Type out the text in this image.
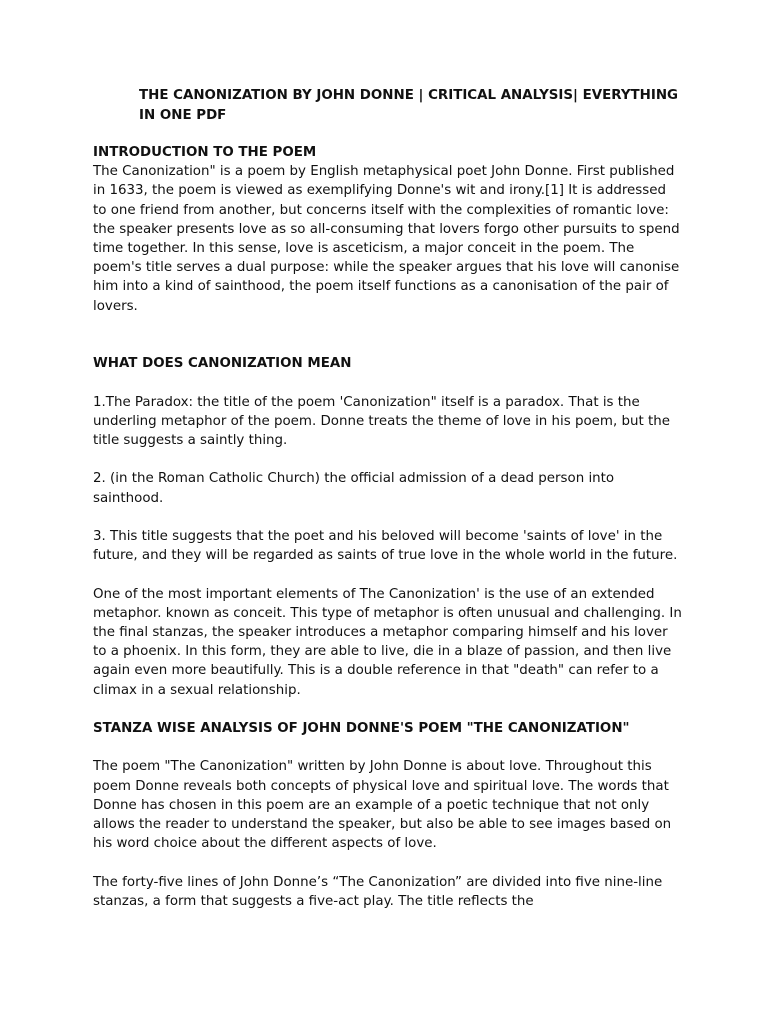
THE CANONIZATION BY JOHN DONNE | CRITICAL ANALYSIS| EVERYTHING IN ONE PDF
INTRODUCTION TO THE POEM

The Canonization" is a poem by English metaphysical poet John Donne. First published in 1633, the poem is viewed as exemplifying Donne's wit and irony.[1] It is addressed to one friend from another, but concerns itself with the complexities of romantic love: the speaker presents love as so all-consuming that lovers forgo other pursuits to spend time together. In this sense, love is asceticism, a major conceit in the poem. The poem's title serves a dual purpose: while the speaker argues that his love will canonise him into a kind of sainthood, the poem itself functions as a canonisation of the pair of lovers.

WHAT DOES CANONIZATION MEAN

1.The Paradox: the title of the poem 'Canonization" itself is a paradox. That is the underling metaphor of the poem. Donne treats the theme of love in his poem, but the title suggests a saintly thing.

2. (in the Roman Catholic Church) the official admission of a dead person into sainthood.

3. This title suggests that the poet and his beloved will become 'saints of love' in the future, and they will be regarded as saints of true love in the whole world in the future.

One of the most important elements of The Canonization' is the use of an extended metaphor. known as conceit. This type of metaphor is often unusual and challenging. In the final stanzas, the speaker introduces a metaphor comparing himself and his lover to a phoenix. In this form, they are able to live, die in a blaze of passion, and then live again even more beautifully. This is a double reference in that "death" can refer to a climax in a sexual relationship.

STANZA WISE ANALYSIS OF JOHN DONNE'S POEM "THE CANONIZATION"

The poem "The Canonization" written by John Donne is about love. Throughout this poem Donne reveals both concepts of physical love and spiritual love. The words that Donne has chosen in this poem are an example of a poetic technique that not only allows the reader to understand the speaker, but also be able to see images based on his word choice about the different aspects of love.

The forty-five lines of John Donne’s “The Canonization” are divided into five nine-line stanzas, a form that suggests a five-act play. The title reflects the
